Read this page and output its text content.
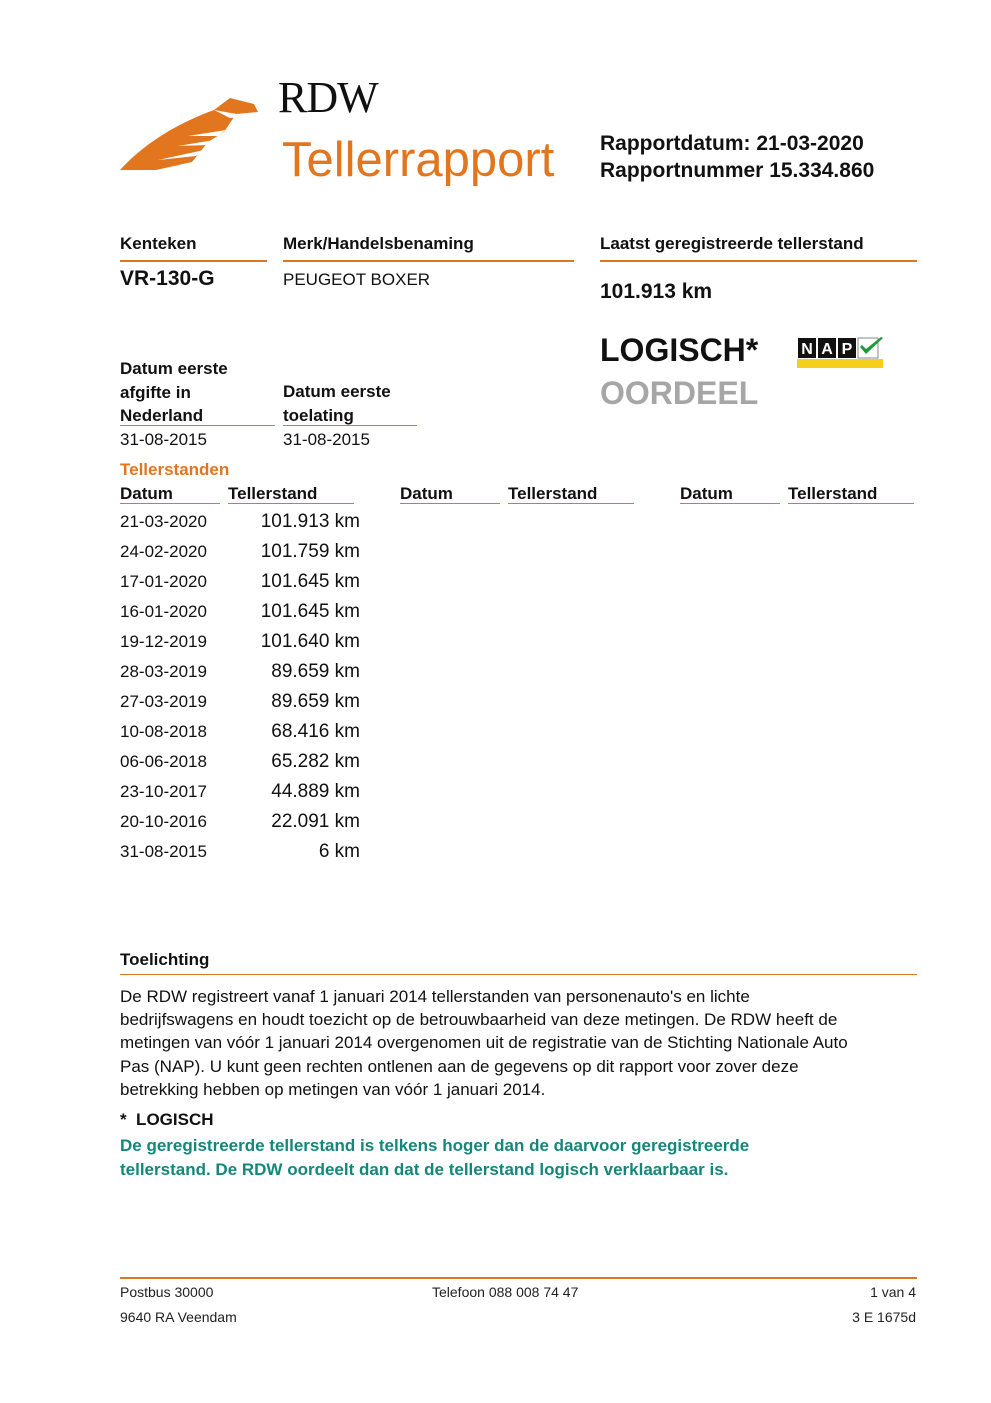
RDW
Tellerrapport Rapportdatum: 21-03-2020
Rapportnummer 15.334.860
Kenteken
VR-130-G
Merk/Handelsbenaming
PEUGEOT BOXER
Laatst geregistreerde tellerstand
101.913 km
Datum eerste
afgifte in
Nederland
31-08-2015
Datum eerste
toelating
31-08-2015
LOGISCH*
OORDEEL
N A P
Tellerstanden
Datum	Tellerstand	Datum	Tellerstand	Datum	Tellerstand
21-03-2020	101.913 km
24-02-2020	101.759 km
17-01-2020	101.645 km
16-01-2020	101.645 km
19-12-2019	101.640 km
28-03-2019	89.659 km
27-03-2019	89.659 km
10-08-2018	68.416 km
06-06-2018	65.282 km
23-10-2017	44.889 km
20-10-2016	22.091 km
31-08-2015	6 km
Toelichting
De RDW registreert vanaf 1 januari 2014 tellerstanden van personenauto's en lichte
bedrijfswagens en houdt toezicht op de betrouwbaarheid van deze metingen. De RDW heeft de
metingen van vóór 1 januari 2014 overgenomen uit de registratie van de Stichting Nationale Auto
Pas (NAP). U kunt geen rechten ontlenen aan de gegevens op dit rapport voor zover deze
betrekking hebben op metingen van vóór 1 januari 2014.
*  LOGISCH
De geregistreerde tellerstand is telkens hoger dan de daarvoor geregistreerde
tellerstand. De RDW oordeelt dan dat de tellerstand logisch verklaarbaar is.
Postbus 30000
9640 RA Veendam
Telefoon 088 008 74 47	1 van 4
3 E 1675d
